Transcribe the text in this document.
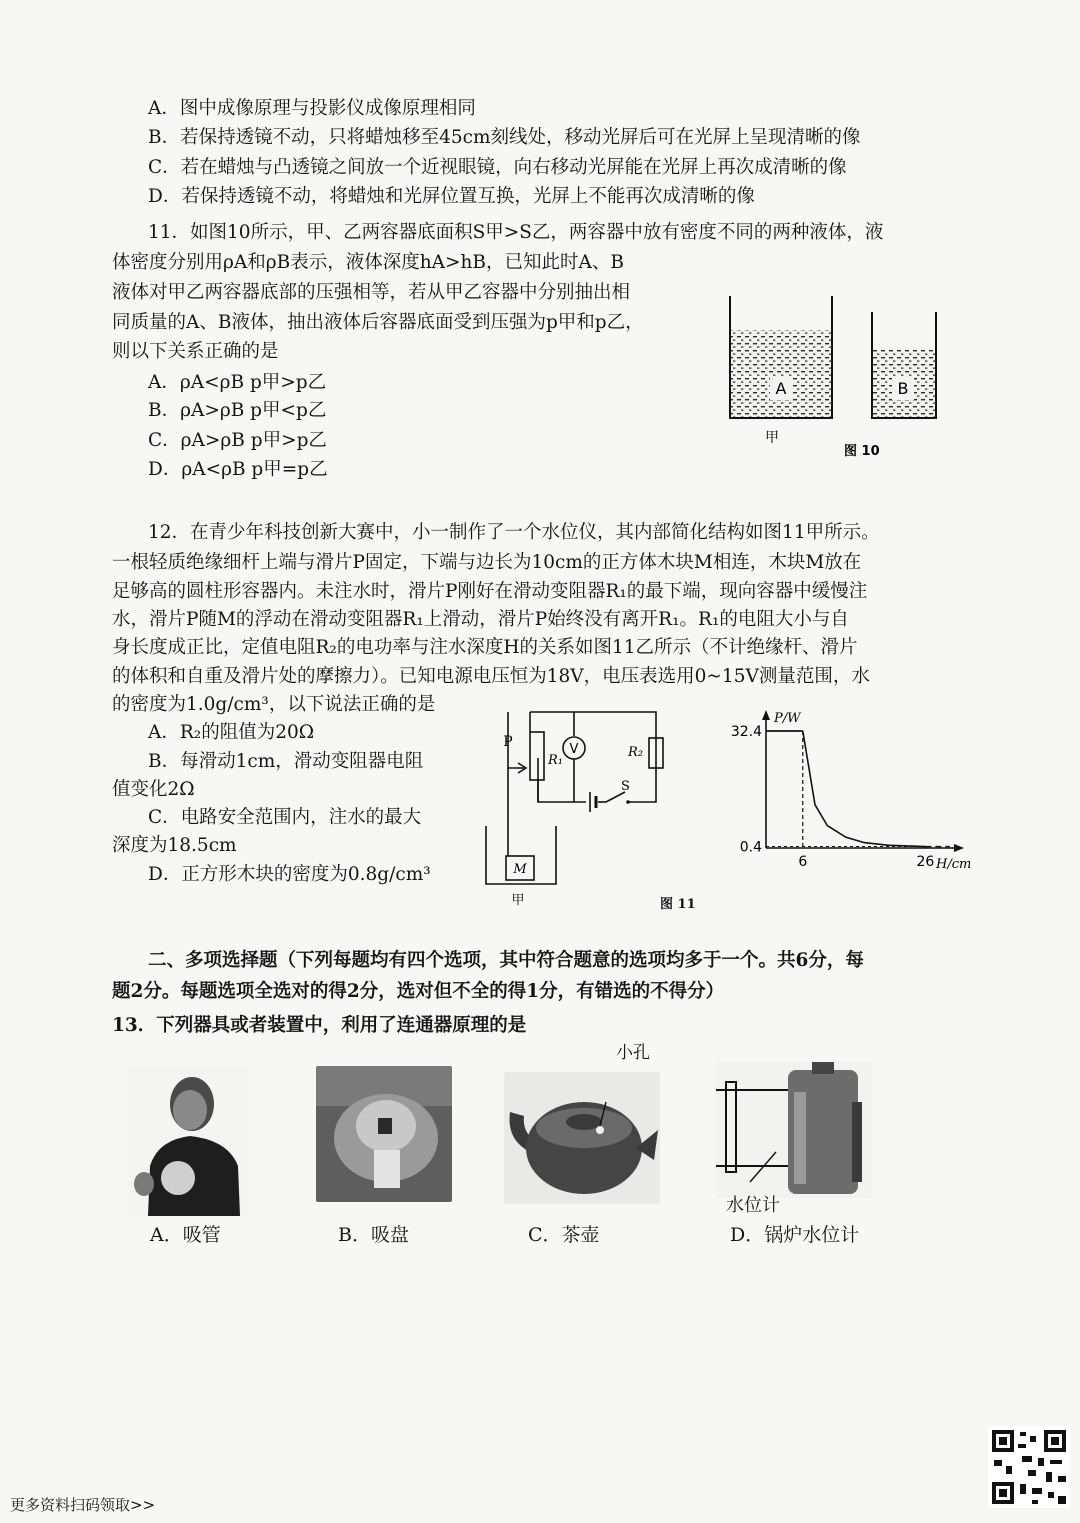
A．图中成像原理与投影仪成像原理相同
B．若保持透镜不动，只将蜡烛移至45cm刻线处，移动光屏后可在光屏上呈现清晰的像
C．若在蜡烛与凸透镜之间放一个近视眼镜，向右移动光屏能在光屏上再次成清晰的像
D．若保持透镜不动，将蜡烛和光屏位置互换，光屏上不能再次成清晰的像
11．如图10所示，甲、乙两容器底面积S甲>S乙，两容器中放有密度不同的两种液体，液
体密度分别用ρA和ρB表示，液体深度hA>hB，已知此时A、B
液体对甲乙两容器底部的压强相等，若从甲乙容器中分别抽出相
同质量的A、B液体，抽出液体后容器底面受到压强为p甲和p乙，
则以下关系正确的是
A．ρA<ρB p甲>p乙
B．ρA>ρB p甲<p乙
C．ρA>ρB p甲>p乙
D．ρA<ρB p甲=p乙
A	B
甲
图 10
12．在青少年科技创新大赛中，小一制作了一个水位仪，其内部简化结构如图11甲所示。
一根轻质绝缘细杆上端与滑片P固定，下端与边长为10cm的正方体木块M相连，木块M放在
足够高的圆柱形容器内。未注水时，滑片P刚好在滑动变阻器R₁的最下端，现向容器中缓慢注
水，滑片P随M的浮动在滑动变阻器R₁上滑动，滑片P始终没有离开R₁。R₁的电阻大小与自
身长度成正比，定值电阻R₂的电功率与注水深度H的关系如图11乙所示（不计绝缘杆、滑片
的体积和自重及滑片处的摩擦力）。已知电源电压恒为18V，电压表选用0~15V测量范围，水
的密度为1.0g/cm³，以下说法正确的是
A．R₂的阻值为20Ω
B．每滑动1cm，滑动变阻器电阻
值变化2Ω
C．电路安全范围内，注水的最大
深度为18.5cm
D．正方形木块的密度为0.8g/cm³
P
R₁
V	R₂
S
M
甲	图 11
P/W
H/cm
32.4
0.4
6	26
二、多项选择题（下列每题均有四个选项，其中符合题意的选项均多于一个。共6分，每
题2分。每题选项全选对的得2分，选对但不全的得1分，有错选的不得分）
13．下列器具或者装置中，利用了连通器原理的是
小孔
水位计
A．吸管	B．吸盘	C．茶壶	D．锅炉水位计
更多资料扫码领取>>
